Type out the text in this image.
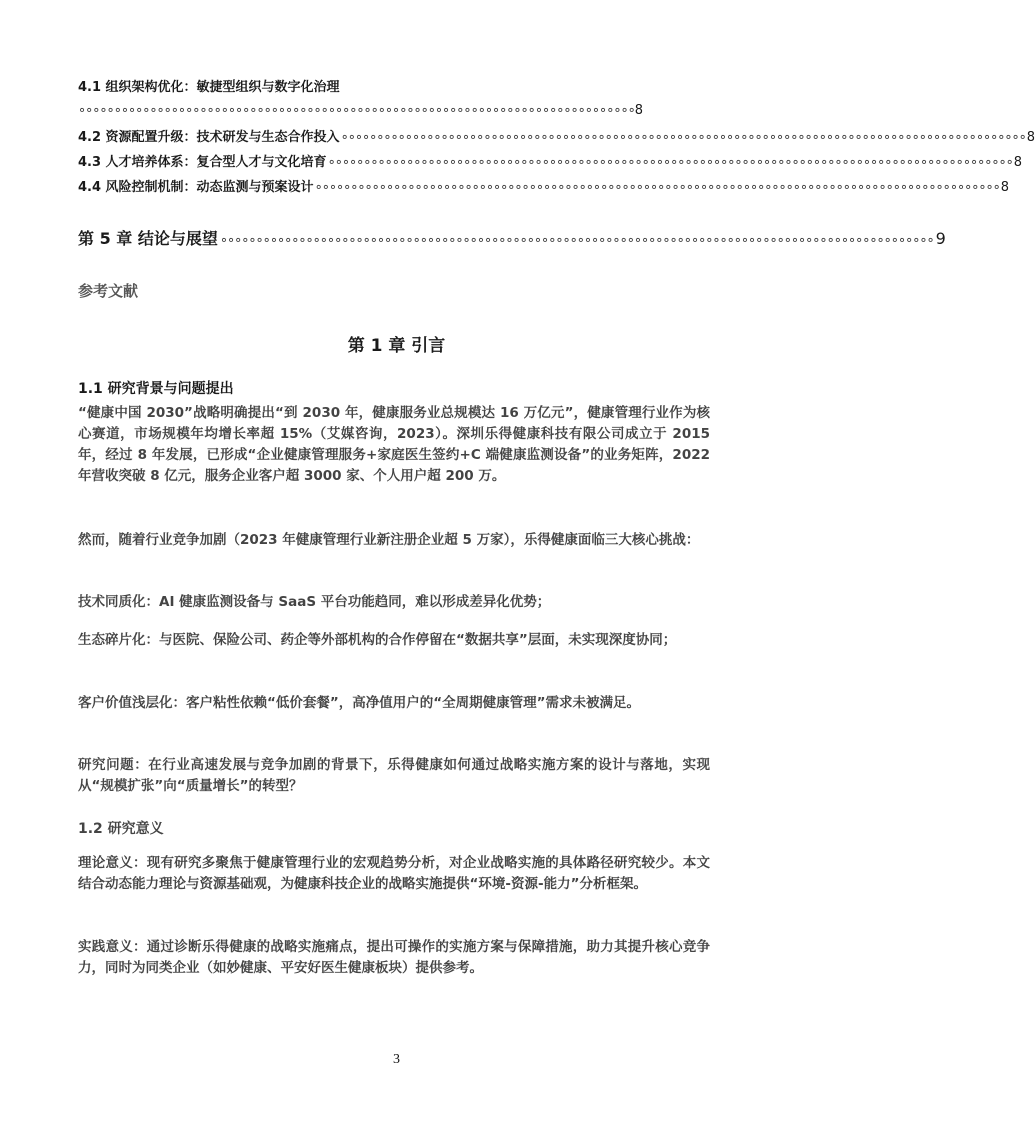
4.1 组织架构优化：敏捷型组织与数字化治理
∘∘∘∘∘∘∘∘∘∘∘∘∘∘∘∘∘∘∘∘∘∘∘∘∘∘∘∘∘∘∘∘∘∘∘∘∘∘∘∘∘∘∘∘∘∘∘∘∘∘∘∘∘∘∘∘∘∘∘∘∘∘∘∘∘∘∘∘∘∘∘∘∘∘∘∘∘∘ 8
4.2 资源配置升级：技术研发与生态合作投入 ∘∘∘∘∘∘∘∘∘∘∘∘∘∘∘∘∘∘∘∘∘∘∘∘∘∘∘∘∘∘∘∘∘∘∘∘∘∘∘∘∘∘∘∘∘∘∘∘∘∘∘∘∘∘∘∘∘∘∘∘∘∘∘∘∘∘∘∘∘∘∘∘∘∘∘∘∘∘∘∘∘∘∘∘∘∘∘∘∘∘∘∘∘∘∘∘ 8
4.3 人才培养体系：复合型人才与文化培育 ∘∘∘∘∘∘∘∘∘∘∘∘∘∘∘∘∘∘∘∘∘∘∘∘∘∘∘∘∘∘∘∘∘∘∘∘∘∘∘∘∘∘∘∘∘∘∘∘∘∘∘∘∘∘∘∘∘∘∘∘∘∘∘∘∘∘∘∘∘∘∘∘∘∘∘∘∘∘∘∘∘∘∘∘∘∘∘∘∘∘∘∘∘∘∘∘ 8
4.4 风险控制机制：动态监测与预案设计 ∘∘∘∘∘∘∘∘∘∘∘∘∘∘∘∘∘∘∘∘∘∘∘∘∘∘∘∘∘∘∘∘∘∘∘∘∘∘∘∘∘∘∘∘∘∘∘∘∘∘∘∘∘∘∘∘∘∘∘∘∘∘∘∘∘∘∘∘∘∘∘∘∘∘∘∘∘∘∘∘∘∘∘∘∘∘∘∘∘∘∘∘∘∘∘∘ 8
第 5 章 结论与展望 ∘∘∘∘∘∘∘∘∘∘∘∘∘∘∘∘∘∘∘∘∘∘∘∘∘∘∘∘∘∘∘∘∘∘∘∘∘∘∘∘∘∘∘∘∘∘∘∘∘∘∘∘∘∘∘∘∘∘∘∘∘∘∘∘∘∘∘∘∘∘∘∘∘∘∘∘∘∘∘∘∘∘∘∘∘∘∘∘∘∘∘∘∘∘∘∘∘∘∘∘ 9
参考文献
第 1 章 引言
1.1 研究背景与问题提出
“健康中国 2030”战略明确提出“到 2030 年，健康服务业总规模达 16 万亿元”，健康管理行业作为核心赛道，市场规模年均增长率超 15%（艾媒咨询，2023）。深圳乐得健康科技有限公司成立于 2015 年，经过 8 年发展，已形成“企业健康管理服务+家庭医生签约+C 端健康监测设备”的业务矩阵，2022 年营收突破 8 亿元，服务企业客户超 3000 家、个人用户超 200 万。
然而，随着行业竞争加剧（2023 年健康管理行业新注册企业超 5 万家），乐得健康面临三大核心挑战：
技术同质化：AI 健康监测设备与 SaaS 平台功能趋同，难以形成差异化优势；
生态碎片化：与医院、保险公司、药企等外部机构的合作停留在“数据共享”层面，未实现深度协同；
客户价值浅层化：客户粘性依赖“低价套餐”，高净值用户的“全周期健康管理”需求未被满足。
研究问题：在行业高速发展与竞争加剧的背景下，乐得健康如何通过战略实施方案的设计与落地，实现从“规模扩张”向“质量增长”的转型？
1.2 研究意义
理论意义：现有研究多聚焦于健康管理行业的宏观趋势分析，对企业战略实施的具体路径研究较少。本文结合动态能力理论与资源基础观，为健康科技企业的战略实施提供“环境-资源-能力”分析框架。
实践意义：通过诊断乐得健康的战略实施痛点，提出可操作的实施方案与保障措施，助力其提升核心竞争力，同时为同类企业（如妙健康、平安好医生健康板块）提供参考。
3
